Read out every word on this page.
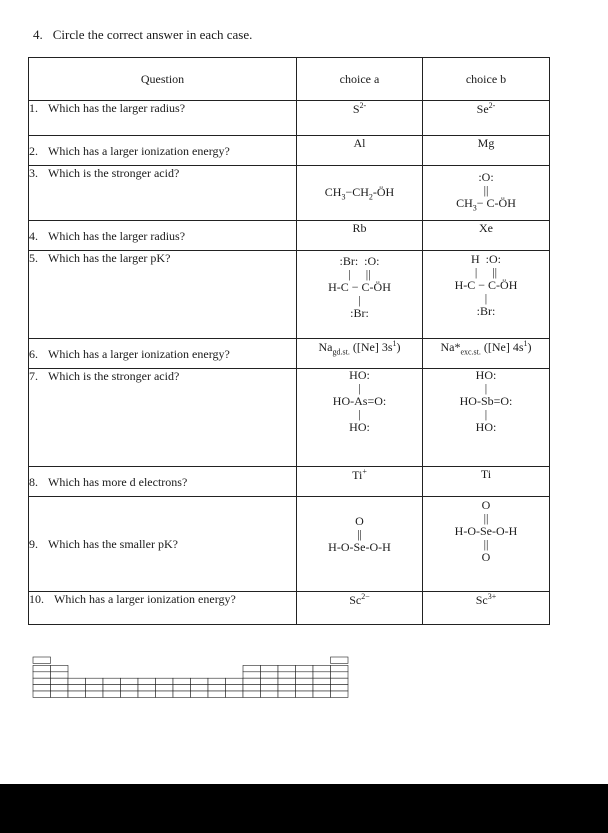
4. Circle the correct answer in each case.
Question	choice a	choice b
1. Which has the larger radius?	$S^{2-}$	$Se^{2-}$
2. Which has a larger ionization energy?	Al	Mg
3. Which is the stronger acid?	$CH_3-CH_2-ÖH$	:O:
||
$CH_3-$ C-ÖH
4. Which has the larger radius?	Rb	Xe
5. Which has the larger pK?	:Br:  :O:
|     ||
H-C − C-ÖH
|
:Br:	H  :O:
|     ||
H-C − C-ÖH
|
:Br:
6. Which has a larger ionization energy?	$Na_{gd.st.}$ ([Ne] $3s^1$)	$Na*_{exc.st.}$ ([Ne] $4s^1$)
7. Which is the stronger acid?	HO:
|
HO-As=O:
|
HO:	HO:
|
HO-Sb=O:
|
HO:
8. Which has more d electrons?	Ti+	Ti
9. Which has the smaller pK?	O
||
H-O-Se-O-H	O
||
H-O-Se-O-H
||
O
10. Which has a larger ionization energy?	$Sc^{2-}$	$Sc^{3+}$
